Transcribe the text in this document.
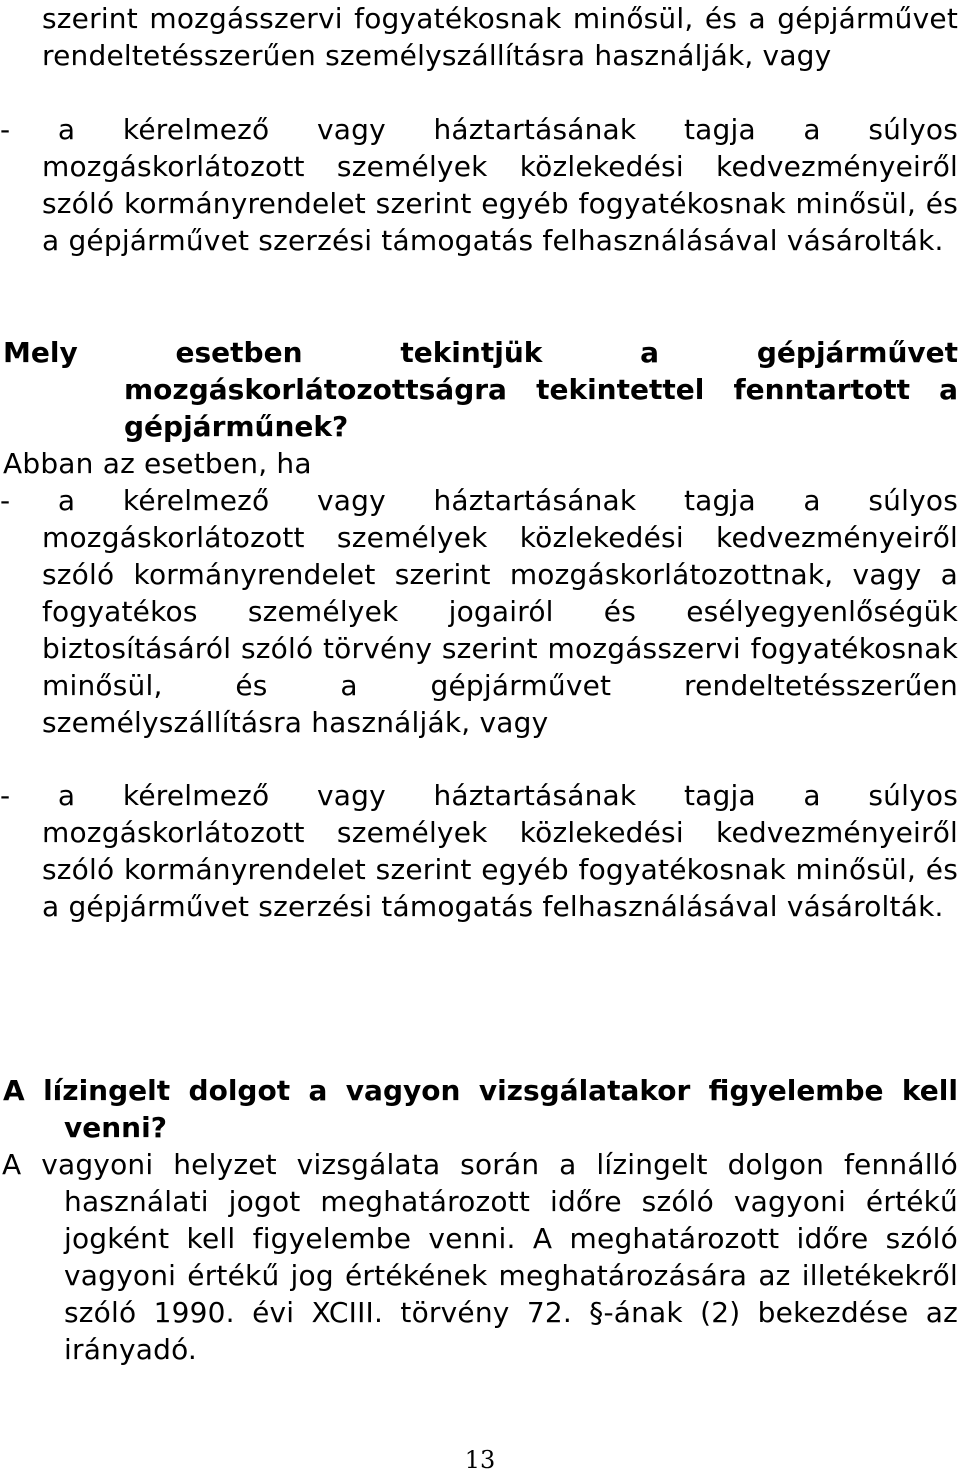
szerint mozgásszervi fogyatékosnak minősül, és a gépjárművet rendeltetésszerűen személyszállításra használják, vagy

- a kérelmező vagy háztartásának tagja a súlyos mozgáskorlátozott személyek közlekedési kedvezményeiről szóló kormányrendelet szerint egyéb fogyatékosnak minősül, és a gépjárművet szerzési támogatás felhasználásával vásárolták.

Mely esetben tekintjük a gépjárművet mozgáskorlátozottságra tekintettel fenntartott a gépjárműnek?

Abban az esetben, ha

- a kérelmező vagy háztartásának tagja a súlyos mozgáskorlátozott személyek közlekedési kedvezményeiről szóló kormányrendelet szerint mozgáskorlátozottnak, vagy a fogyatékos személyek jogairól és esélyegyenlőségük biztosításáról szóló törvény szerint mozgásszervi fogyatékosnak minősül, és a gépjárművet rendeltetésszerűen személyszállításra használják, vagy

- a kérelmező vagy háztartásának tagja a súlyos mozgáskorlátozott személyek közlekedési kedvezményeiről szóló kormányrendelet szerint egyéb fogyatékosnak minősül, és a gépjárművet szerzési támogatás felhasználásával vásárolták.

A lízingelt dolgot a vagyon vizsgálatakor figyelembe kell venni?

A vagyoni helyzet vizsgálata során a lízingelt dolgon fennálló használati jogot meghatározott időre szóló vagyoni értékű jogként kell figyelembe venni. A meghatározott időre szóló vagyoni értékű jog értékének meghatározására az illetékekről szóló 1990. évi XCIII. törvény 72. §-ának (2) bekezdése az irányadó.

13
